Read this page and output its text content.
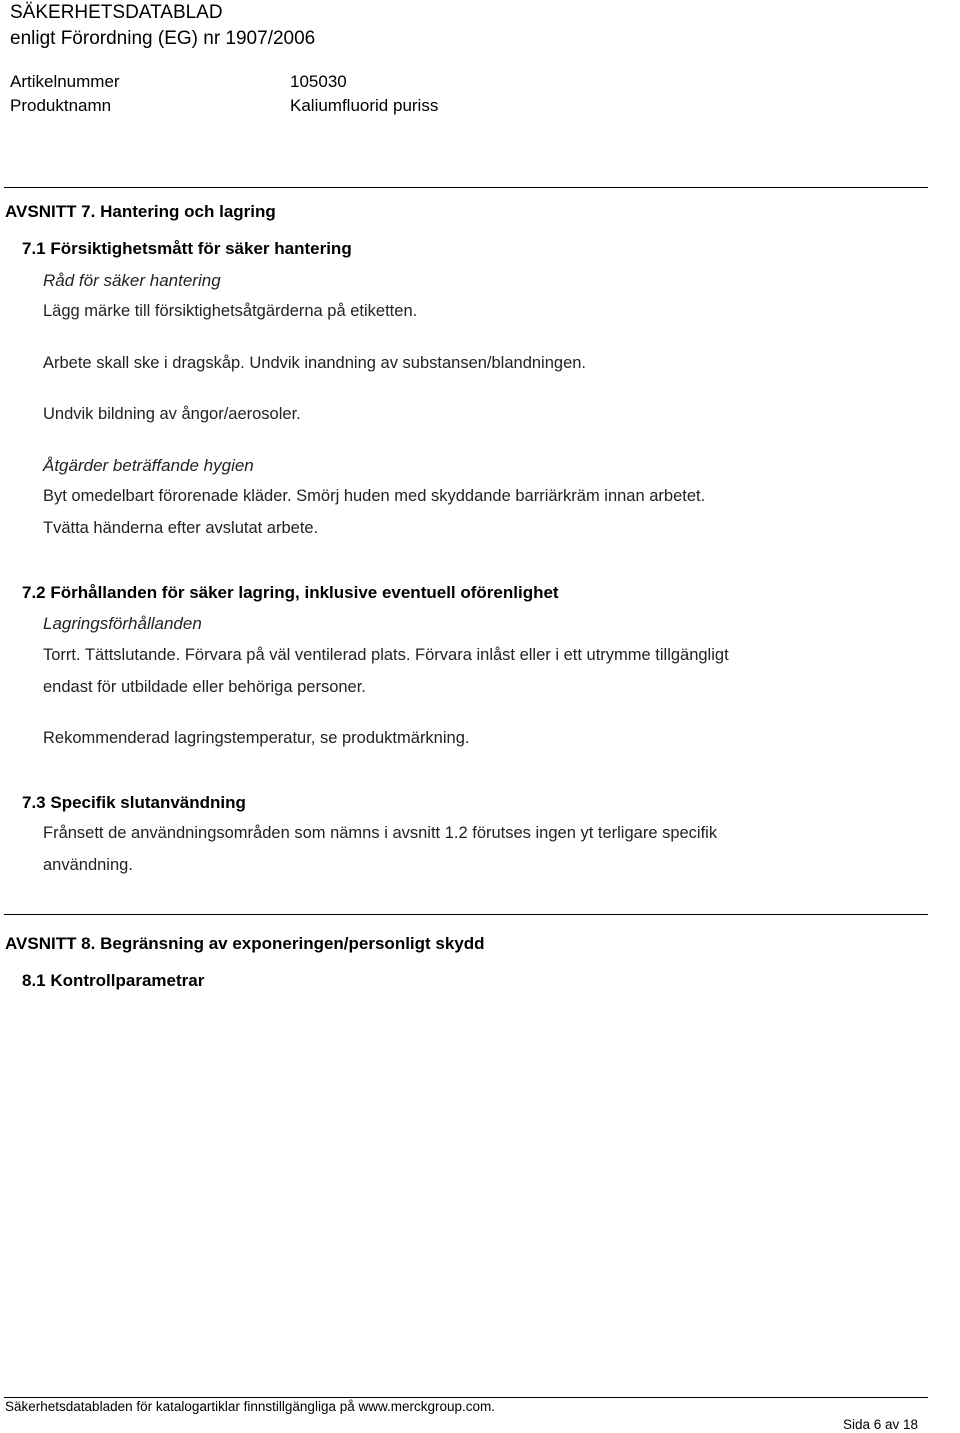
SÄKERHETSDATABLAD
enligt Förordning (EG) nr 1907/2006
Artikelnummer	105030
Produktnamn	Kaliumfluorid puriss
AVSNITT 7. Hantering och lagring
7.1 Försiktighetsmått för säker hantering
Råd för säker hantering
Lägg märke till försiktighetsåtgärderna på etiketten.
Arbete skall ske i dragskåp. Undvik inandning av substansen/blandningen.
Undvik bildning av ångor/aerosoler.
Åtgärder beträffande hygien
Byt omedelbart förorenade kläder. Smörj huden med skyddande barriärkräm innan arbetet.
Tvätta händerna efter avslutat arbete.
7.2 Förhållanden för säker lagring, inklusive eventuell oförenlighet
Lagringsförhållanden
Torrt. Tättslutande. Förvara på väl ventilerad plats. Förvara inlåst eller i ett utrymme tillgängligt
endast för utbildade eller behöriga personer.
Rekommenderad lagringstemperatur, se produktmärkning.
7.3 Specifik slutanvändning
Frånsett de användningsområden som nämns i avsnitt 1.2 förutses ingen yt terligare specifik
användning.
AVSNITT 8. Begränsning av exponeringen/personligt skydd
8.1 Kontrollparametrar
Säkerhetsdatabladen för katalogartiklar finnstillgängliga på www.merckgroup.com.
Sida 6 av 18
